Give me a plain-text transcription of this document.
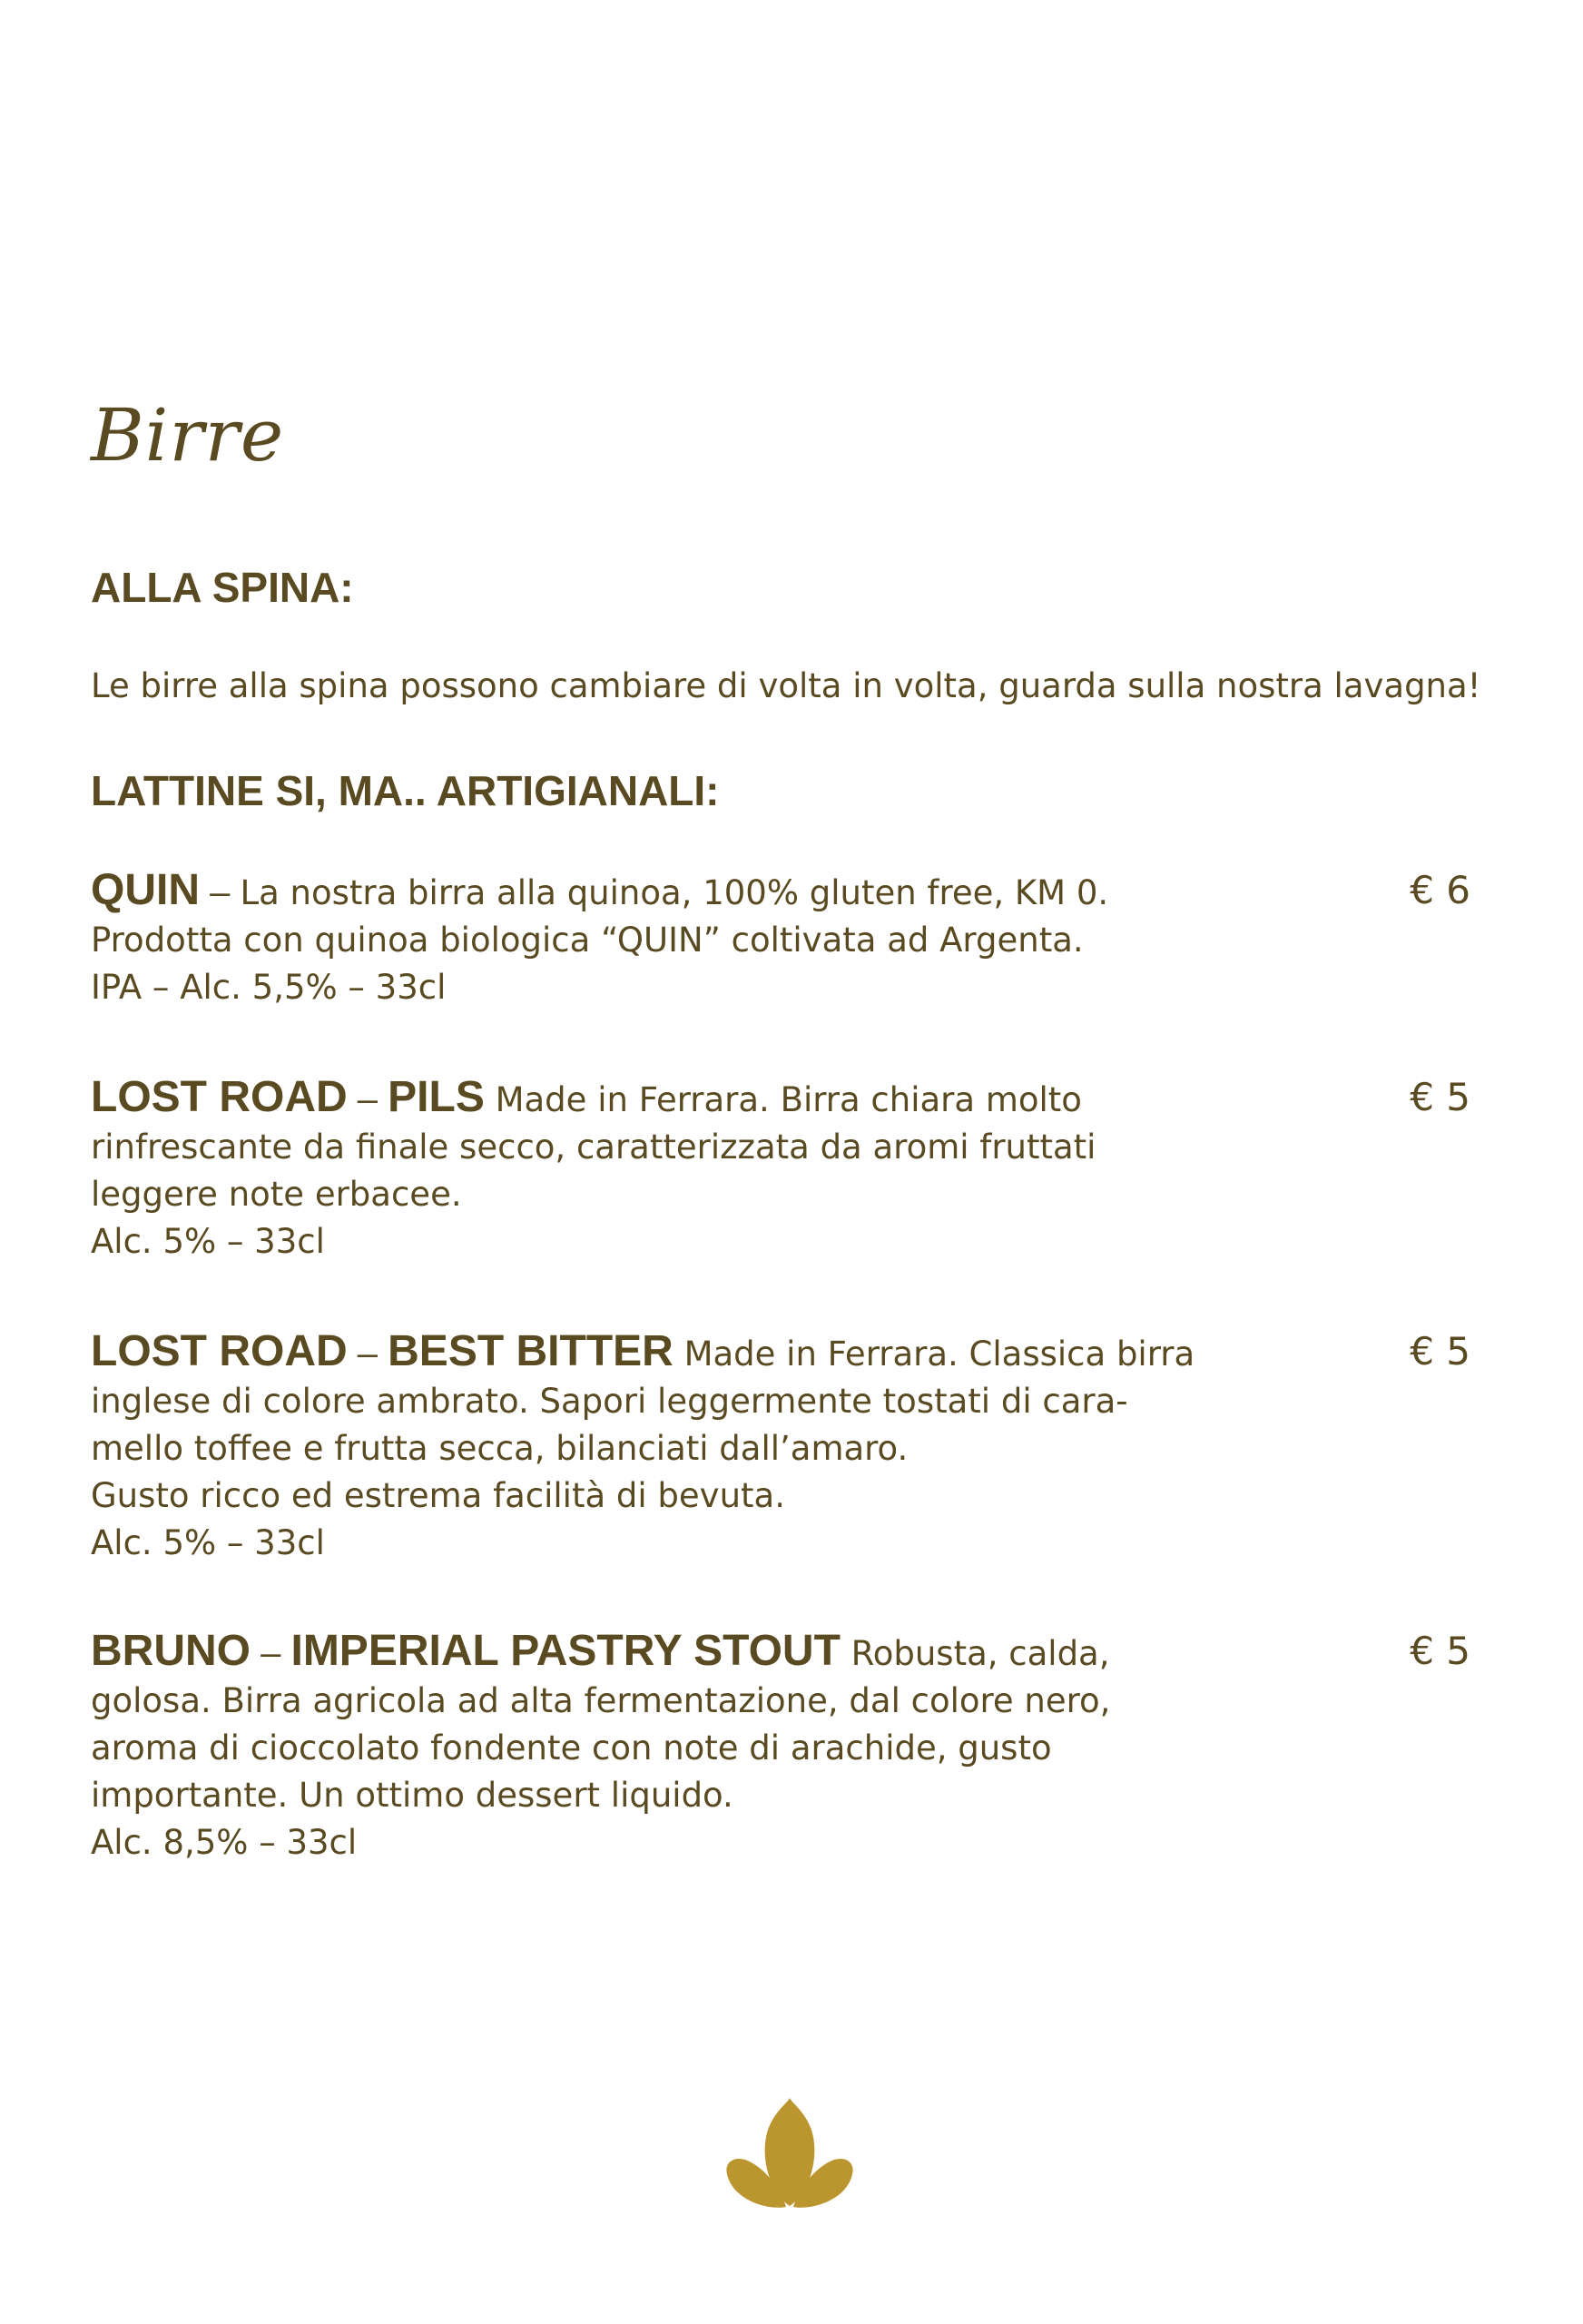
Birre
ALLA SPINA:
Le birre alla spina possono cambiare di volta in volta, guarda sulla nostra lavagna!
LATTINE SI, MA.. ARTIGIANALI:
QUIN – La nostra birra alla quinoa, 100% gluten free, KM 0.
Prodotta con quinoa biologica “QUIN” coltivata ad Argenta.
IPA – Alc. 5,5% – 33cl
€ 6
LOST ROAD – PILS Made in Ferrara. Birra chiara molto
rinfrescante da finale secco, caratterizzata da aromi fruttati
leggere note erbacee.
Alc. 5% – 33cl
€ 5
LOST ROAD – BEST BITTER Made in Ferrara. Classica birra
inglese di colore ambrato. Sapori leggermente tostati di cara-
mello toffee e frutta secca, bilanciati dall’amaro.
Gusto ricco ed estrema facilità di bevuta.
Alc. 5% – 33cl
€ 5
BRUNO – IMPERIAL PASTRY STOUT Robusta, calda,
golosa. Birra agricola ad alta fermentazione, dal colore nero,
aroma di cioccolato fondente con note di arachide, gusto
importante. Un ottimo dessert liquido.
Alc. 8,5% – 33cl
€ 5
